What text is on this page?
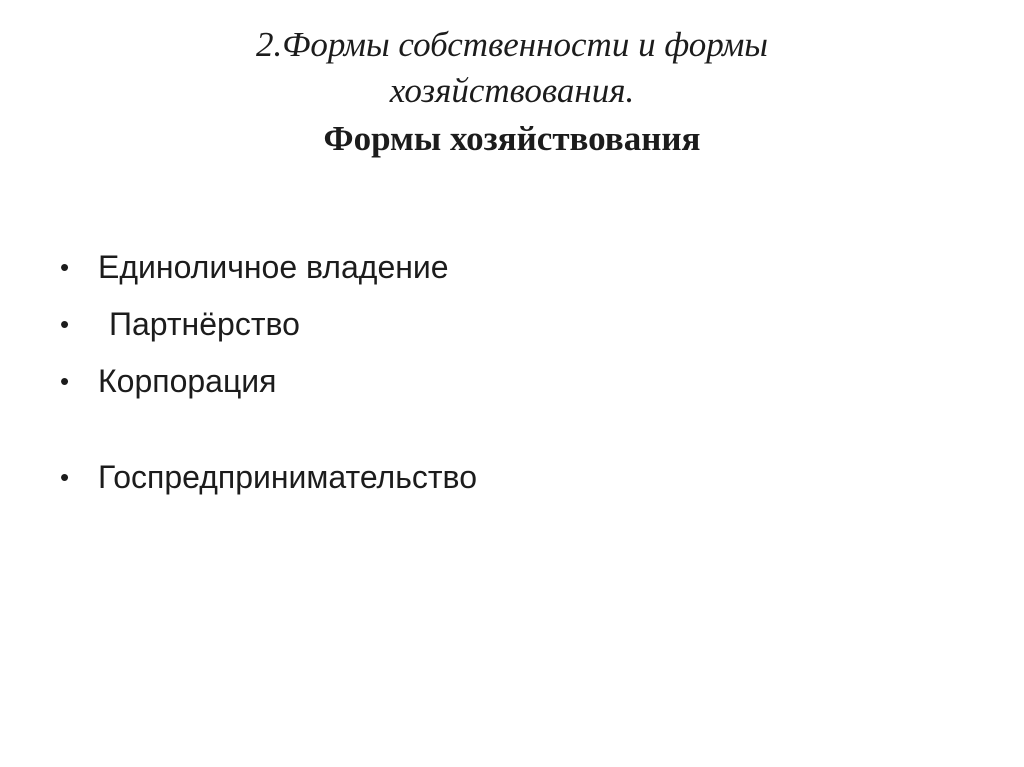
2.Формы собственности и формы
хозяйствования.
Формы хозяйствования
• Единоличное владение
• Партнёрство
• Корпорация
• Госпредпринимательство
